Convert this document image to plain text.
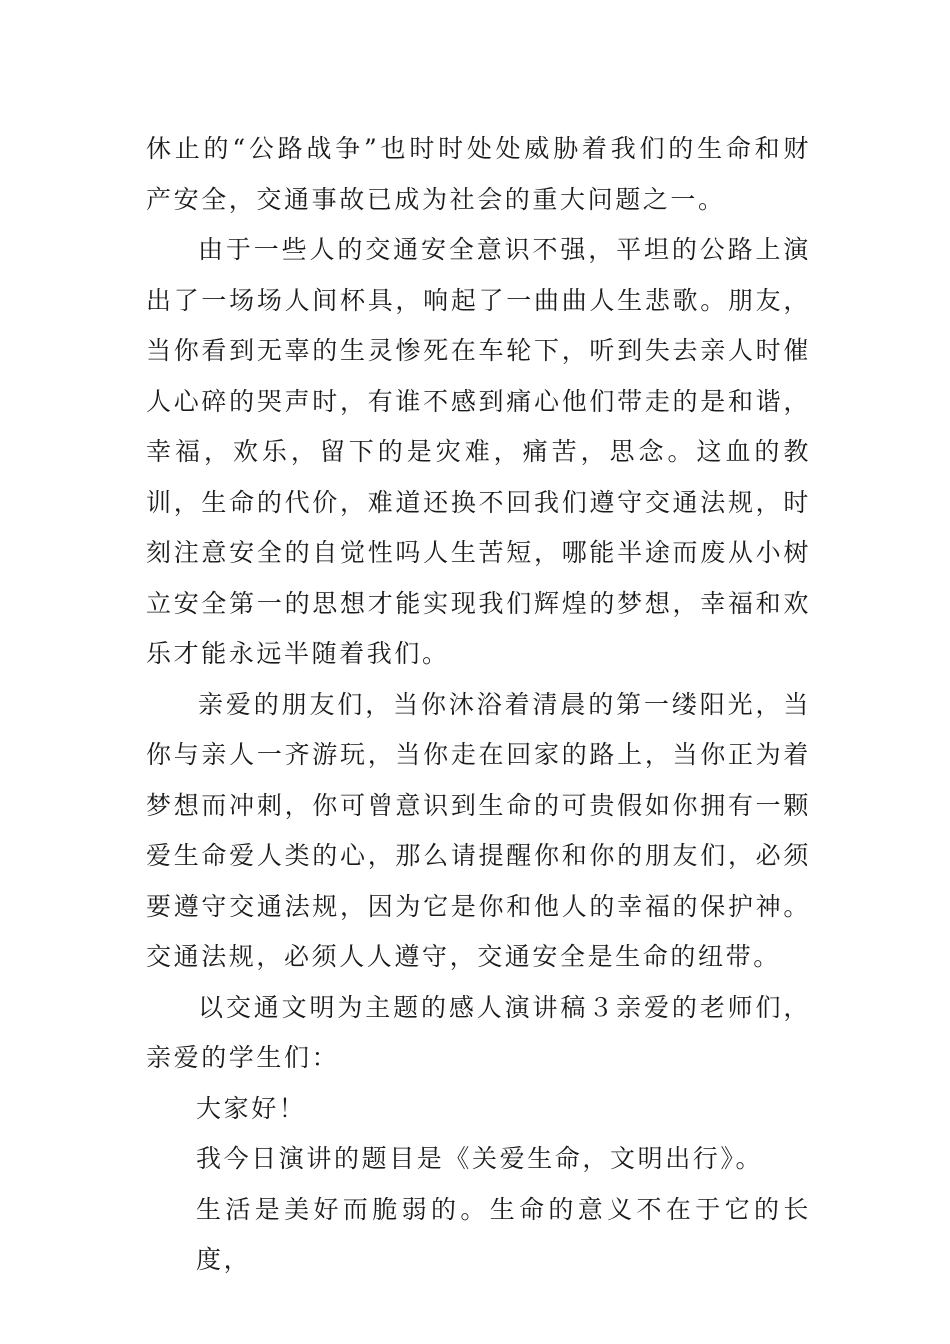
休止的“公路战争”也时时处处威胁着我们的生命和财产安全，交通事故已成为社会的重大问题之一。

由于一些人的交通安全意识不强，平坦的公路上演出了一场场人间杯具，响起了一曲曲人生悲歌。朋友，当你看到无辜的生灵惨死在车轮下，听到失去亲人时催人心碎的哭声时，有谁不感到痛心他们带走的是和谐，幸福，欢乐，留下的是灾难，痛苦，思念。这血的教训，生命的代价，难道还换不回我们遵守交通法规，时刻注意安全的自觉性吗人生苦短，哪能半途而废从小树立安全第一的思想才能实现我们辉煌的梦想，幸福和欢乐才能永远半随着我们。

亲爱的朋友们，当你沐浴着清晨的第一缕阳光，当你与亲人一齐游玩，当你走在回家的路上，当你正为着梦想而冲刺，你可曾意识到生命的可贵假如你拥有一颗爱生命爱人类的心，那么请提醒你和你的朋友们，必须要遵守交通法规，因为它是你和他人的幸福的保护神。交通法规，必须人人遵守，交通安全是生命的纽带。

以交通文明为主题的感人演讲稿３亲爱的老师们，亲爱的学生们：

大家好！

我今日演讲的题目是《关爱生命，文明出行》。

生活是美好而脆弱的。生命的意义不在于它的长度，
